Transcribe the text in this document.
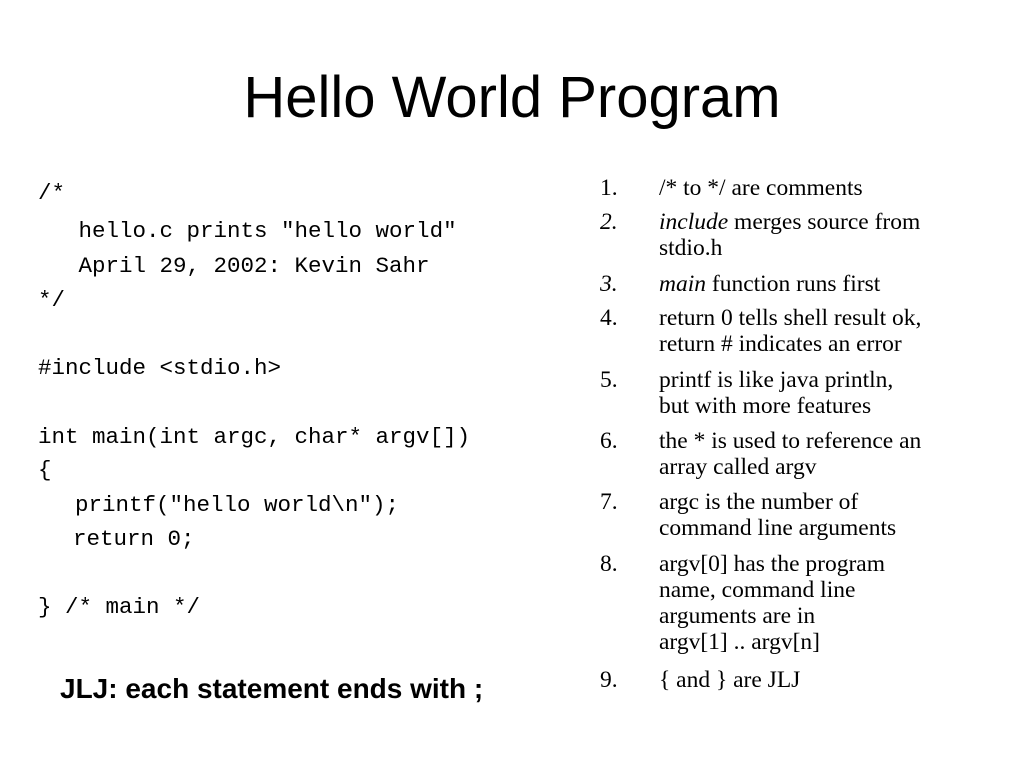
Hello World Program
/*
hello.c prints "hello world"
April 29, 2002: Kevin Sahr
*/
#include <stdio.h>
int main(int argc, char* argv[])
{
printf("hello world\n");
return 0;
} /* main */
JLJ: each statement ends with ;
1.	/* to */ are comments
2.	include merges source from
stdio.h
3.	main function runs first
4.	return 0 tells shell result ok,
return # indicates an error
5.	printf is like java println,
but with more features
6.	the * is used to reference an
array called argv
7.	argc is the number of
command line arguments
8.	argv[0] has the program
name, command line
arguments are in
argv[1] .. argv[n]
9.	{ and } are JLJ
